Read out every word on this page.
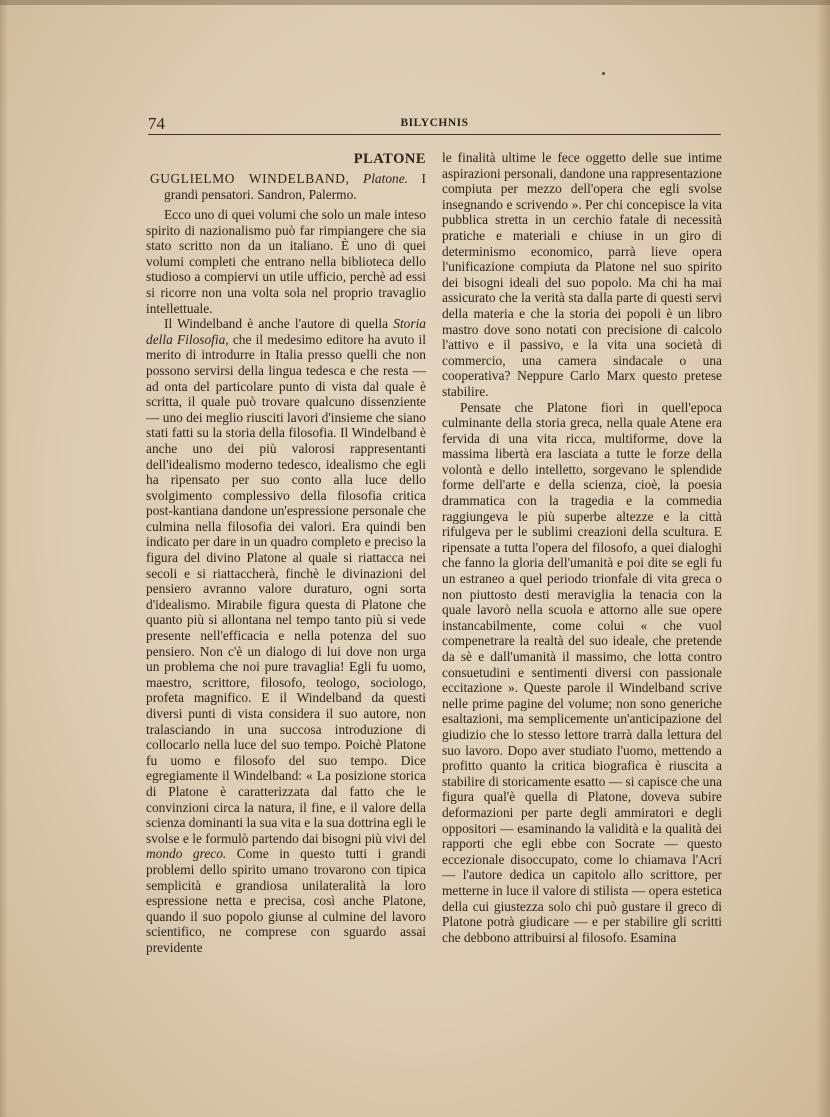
74	BILYCHNIS
PLATONE
GUGLIELMO WINDELBAND, Platone. I grandi pensatori. Sandron, Palermo.

Ecco uno di quei volumi che solo un male inteso spirito di nazionalismo può far rimpiangere che sia stato scritto non da un italiano. È uno di quei volumi completi che entrano nella biblioteca dello studioso a compiervi un utile ufficio, perchè ad essi si ricorre non una volta sola nel proprio travaglio intellettuale.

Il Windelband è anche l'autore di quella Storia della Filosofia, che il medesimo editore ha avuto il merito di introdurre in Italia presso quelli che non possono servirsi della lingua tedesca e che resta — ad onta del particolare punto di vista dal quale è scritta, il quale può trovare qualcuno dissenziente — uno dei meglio riusciti lavori d'insieme che siano stati fatti su la storia della filosofia. Il Windelband è anche uno dei più valorosi rappresentanti dell'idealismo moderno tedesco, idealismo che egli ha ripensato per suo conto alla luce dello svolgimento complessivo della filosofia critica post-kantiana dandone un'espressione personale che culmina nella filosofia dei valori. Era quindi ben indicato per dare in un quadro completo e preciso la figura del divino Platone al quale si riattacca nei secoli e si riattaccherà, finchè le divinazioni del pensiero avranno valore duraturo, ogni sorta d'idealismo. Mirabile figura questa di Platone che quanto più si allontana nel tempo tanto più si vede presente nell'efficacia e nella potenza del suo pensiero. Non c'è un dialogo di lui dove non urga un problema che noi pure travaglia! Egli fu uomo, maestro, scrittore, filosofo, teologo, sociologo, profeta magnifico. E il Windelband da questi diversi punti di vista considera il suo autore, non tralasciando in una succosa introduzione di collocarlo nella luce del suo tempo. Poichè Platone fu uomo e filosofo del suo tempo. Dice egregiamente il Windelband: « La posizione storica di Platone è caratterizzata dal fatto che le convinzioni circa la natura, il fine, e il valore della scienza dominanti la sua vita e la sua dottrina egli le svolse e le formulò partendo dai bisogni più vivi del mondo greco. Come in questo tutti i grandi problemi dello spirito umano trovarono con tipica semplicità e grandiosa unilateralità la loro espressione netta e precisa, così anche Platone, quando il suo popolo giunse al culmine del lavoro scientifico, ne comprese con sguardo assai previdente

le finalità ultime le fece oggetto delle sue intime aspirazioni personali, dandone una rappresentazione compiuta per mezzo dell'opera che egli svolse insegnando e scrivendo ». Per chi concepisce la vita pubblica stretta in un cerchio fatale di necessità pratiche e materiali e chiuse in un giro di determinismo economico, parrà lieve opera l'unificazione compiuta da Platone nel suo spirito dei bisogni ideali del suo popolo. Ma chi ha mai assicurato che la verità sta dalla parte di questi servi della materia e che la storia dei popoli è un libro mastro dove sono notati con precisione di calcolo l'attivo e il passivo, e la vita una società di commercio, una camera sindacale o una cooperativa? Neppure Carlo Marx questo pretese stabilire.

Pensate che Platone fiorì in quell'epoca culminante della storia greca, nella quale Atene era fervida di una vita ricca, multiforme, dove la massima libertà era lasciata a tutte le forze della volontà e dello intelletto, sorgevano le splendide forme dell'arte e della scienza, cioè, la poesia drammatica con la tragedia e la commedia raggiungeva le più superbe altezze e la città rifulgeva per le sublimi creazioni della scultura. E ripensate a tutta l'opera del filosofo, a quei dialoghi che fanno la gloria dell'umanità e poi dite se egli fu un estraneo a quel periodo trionfale di vita greca o non piuttosto desti meraviglia la tenacia con la quale lavorò nella scuola e attorno alle sue opere instancabilmente, come colui « che vuol compenetrare la realtà del suo ideale, che pretende da sè e dall'umanità il massimo, che lotta contro consuetudini e sentimenti diversi con passionale eccitazione ». Queste parole il Windelband scrive nelle prime pagine del volume; non sono generiche esaltazioni, ma semplicemente un'anticipazione del giudizio che lo stesso lettore trarrà dalla lettura del suo lavoro. Dopo aver studiato l'uomo, mettendo a profitto quanto la critica biografica è riuscita a stabilire di storicamente esatto — si capisce che una figura qual'è quella di Platone, doveva subire deformazioni per parte degli ammiratori e degli oppositori — esaminando la validità e la qualità dei rapporti che egli ebbe con Socrate — questo eccezionale disoccupato, come lo chiamava l'Acri — l'autore dedica un capitolo allo scrittore, per metterne in luce il valore di stilista — opera estetica della cui giustezza solo chi può gustare il greco di Platone potrà giudicare — e per stabilire gli scritti che debbono attribuirsi al filosofo. Esamina
